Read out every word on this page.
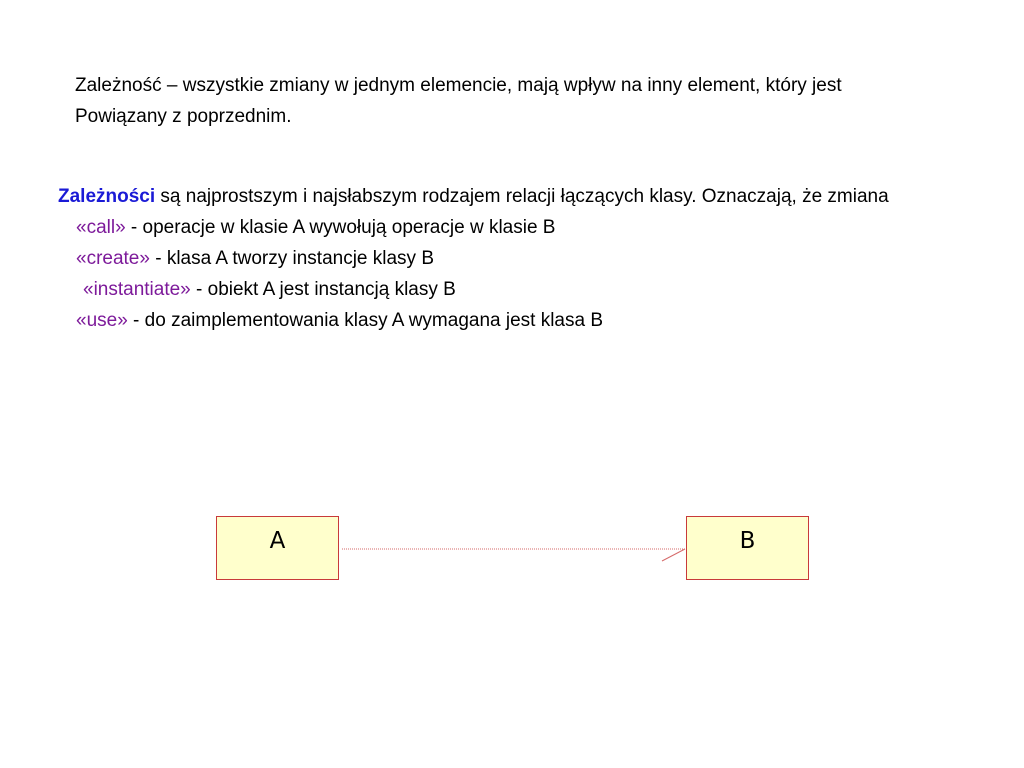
Zależność – wszystkie zmiany w jednym elemencie, mają wpływ na inny element, który jest
Powiązany z poprzednim.
Zależności są najprostszym i najsłabszym rodzajem relacji łączących klasy. Oznaczają, że zmiana
«call» - operacje w klasie A wywołują operacje w klasie B
«create» - klasa A tworzy instancje klasy B
«instantiate» - obiekt A jest instancją klasy B
«use» - do zaimplementowania klasy A wymagana jest klasa B
A	B
